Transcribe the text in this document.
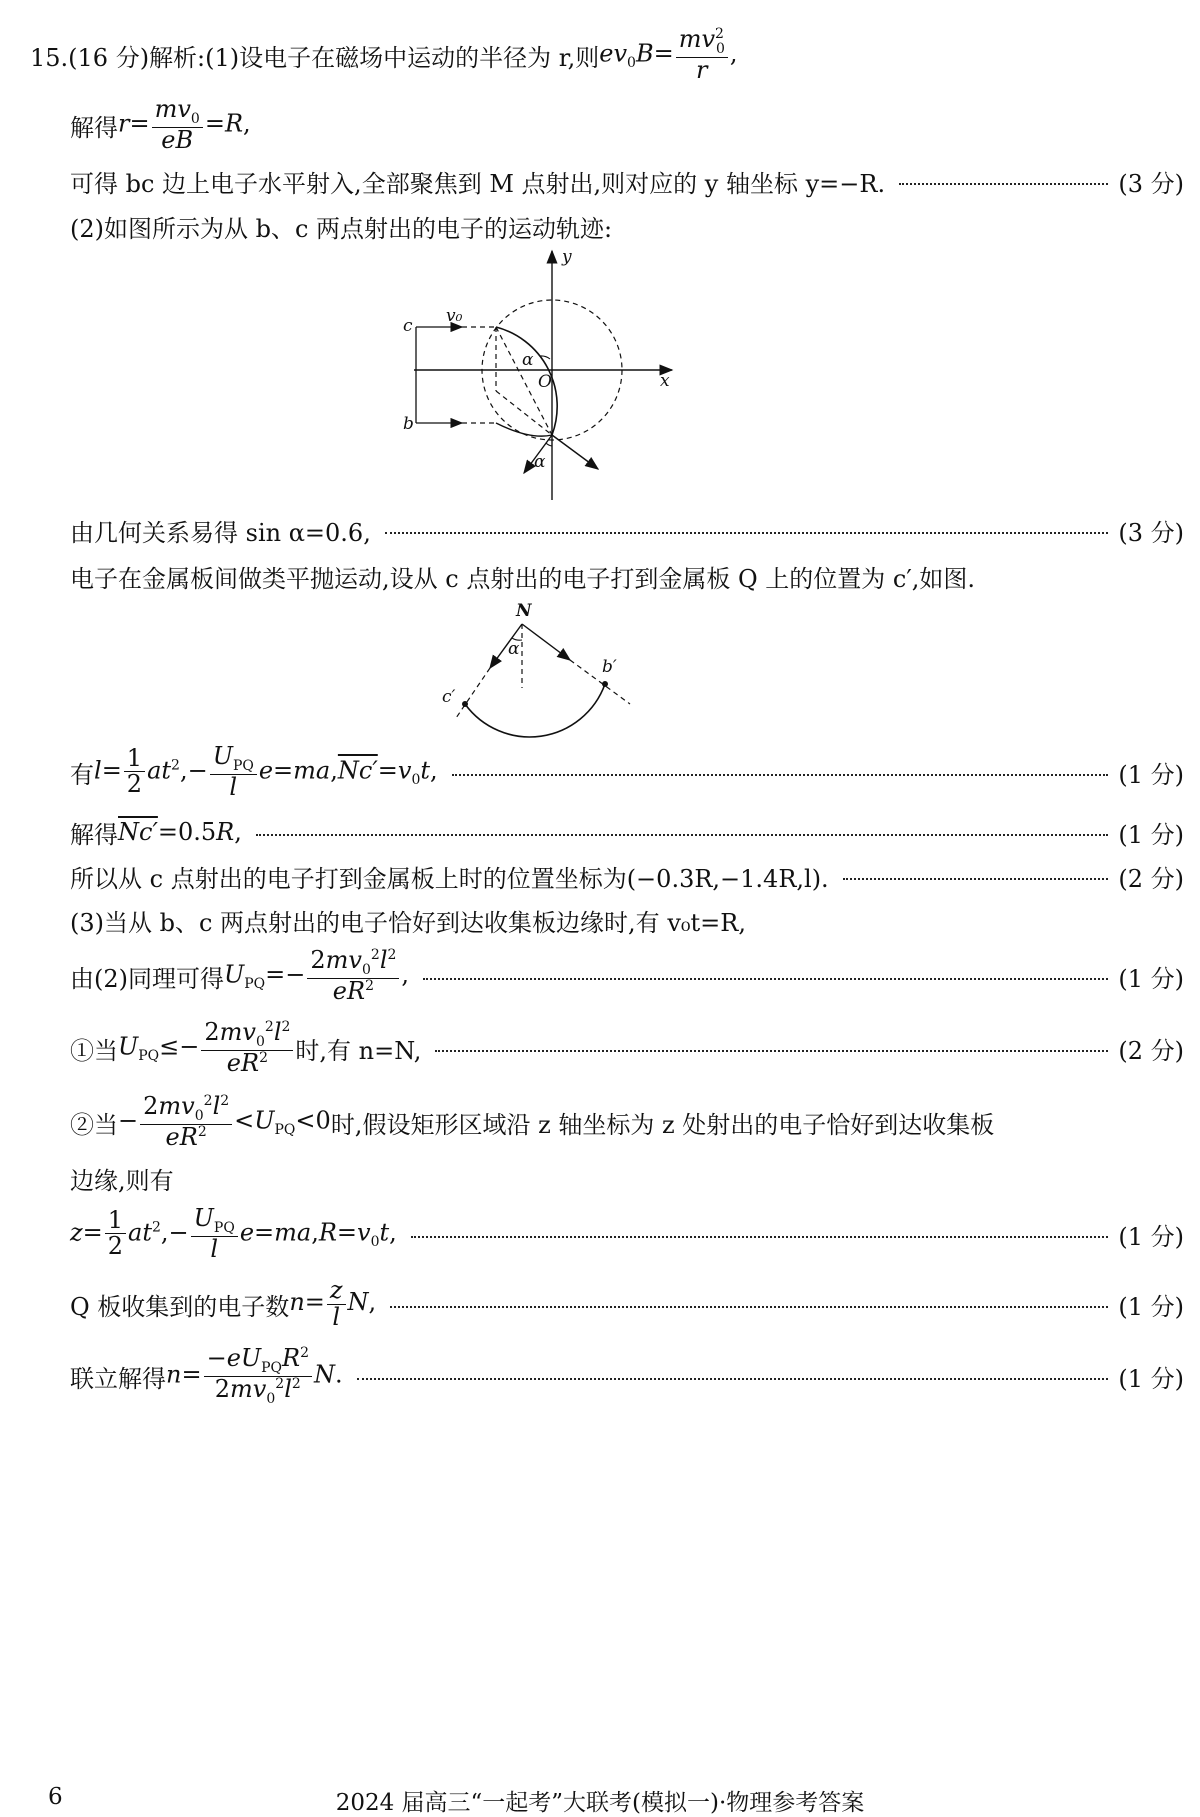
15.(16 分)解析:(1)设电子在磁场中运动的半径为 r,则 $ev_0B= \frac{mv^2_0}{r}$ ,
解得 $r= \frac{mv_0}{eB} =R$,
可得 bc 边上电子水平射入,全部聚焦到 M 点射出,则对应的 y 轴坐标 y=−R.	(3 分)
(2)如图所示为从 b、c 两点射出的电子的运动轨迹:
y
x
O
c
b
v₀
α
α
由几何关系易得 sin α=0.6,	(3 分)
电子在金属板间做类平抛运动,设从 c 点射出的电子打到金属板 Q 上的位置为 c′,如图.
N
α
b′
c′
有 $l= \frac{1}{2} at^2,- \frac{U_{PQ}}{l} e=ma,Nc'=v_0t$,	(1 分)
解得 Nc′=0.5R,	(1 分)
所以从 c 点射出的电子打到金属板上时的位置坐标为(−0.3R,−1.4R,l).	(2 分)
(3)当从 b、c 两点射出的电子恰好到达收集板边缘时,有 v₀t=R,
由(2)同理可得 $U_{PQ}=- \frac{2mv_0^2l^2}{eR^2}$ ,	(1 分)
①当 $U_{PQ}\le- \frac{2mv_0^2l^2}{eR^2}$ 时,有 n=N,	(2 分)
②当 − $\frac{2mv_0^2l^2}{eR^2} <U_{PQ}<0$ 时,假设矩形区域沿 z 轴坐标为 z 处射出的电子恰好到达收集板
边缘,则有
$z= \frac{1}{2} at^2,- \frac{U_{PQ}}{l} e=ma,R=v_0t$,	(1 分)
Q 板收集到的电子数 $n= \frac{z}{l} N$,	(1 分)
联立解得 $n= \frac{-eU_{PQ}R^2}{2mv_0^2l^2} N$.	(1 分)
6	2024 届高三“一起考”大联考(模拟一)·物理参考答案
